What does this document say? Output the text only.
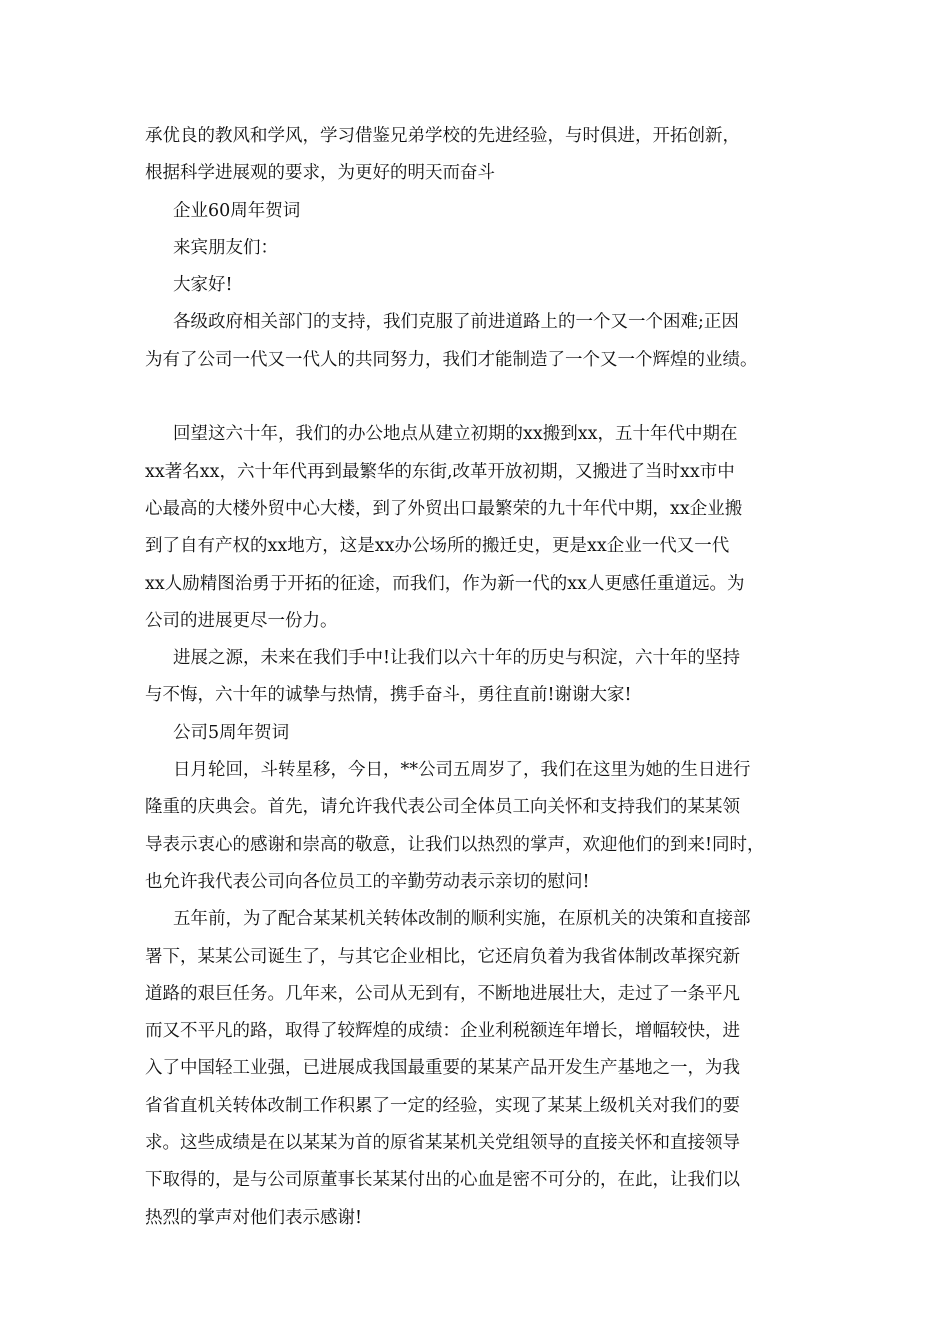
承优良的教风和学风，学习借鉴兄弟学校的先进经验，与时俱进，开拓创新，
根据科学进展观的要求，为更好的明天而奋斗
企业60周年贺词
来宾朋友们：
大家好!
各级政府相关部门的支持，我们克服了前进道路上的一个又一个困难;正因
为有了公司一代又一代人的共同努力，我们才能制造了一个又一个辉煌的业绩。
回望这六十年，我们的办公地点从建立初期的xx搬到xx，五十年代中期在
xx著名xx，六十年代再到最繁华的东街,改革开放初期，又搬进了当时xx市中
心最高的大楼外贸中心大楼，到了外贸出口最繁荣的九十年代中期，xx企业搬
到了自有产权的xx地方，这是xx办公场所的搬迁史，更是xx企业一代又一代
xx人励精图治勇于开拓的征途，而我们，作为新一代的xx人更感任重道远。为
公司的进展更尽一份力。
进展之源，未来在我们手中!让我们以六十年的历史与积淀，六十年的坚持
与不悔，六十年的诚挚与热情，携手奋斗，勇往直前!谢谢大家!
公司5周年贺词
日月轮回，斗转星移，今日，**公司五周岁了，我们在这里为她的生日进行
隆重的庆典会。首先，请允许我代表公司全体员工向关怀和支持我们的某某领
导表示衷心的感谢和崇高的敬意，让我们以热烈的掌声，欢迎他们的到来!同时，
也允许我代表公司向各位员工的辛勤劳动表示亲切的慰问!
五年前，为了配合某某机关转体改制的顺利实施，在原机关的决策和直接部
署下，某某公司诞生了，与其它企业相比，它还肩负着为我省体制改革探究新
道路的艰巨任务。几年来，公司从无到有，不断地进展壮大，走过了一条平凡
而又不平凡的路，取得了较辉煌的成绩：企业利税额连年增长，增幅较快，进
入了中国轻工业强，已进展成我国最重要的某某产品开发生产基地之一，为我
省省直机关转体改制工作积累了一定的经验，实现了某某上级机关对我们的要
求。这些成绩是在以某某为首的原省某某机关党组领导的直接关怀和直接领导
下取得的，是与公司原董事长某某付出的心血是密不可分的，在此，让我们以
热烈的掌声对他们表示感谢!
